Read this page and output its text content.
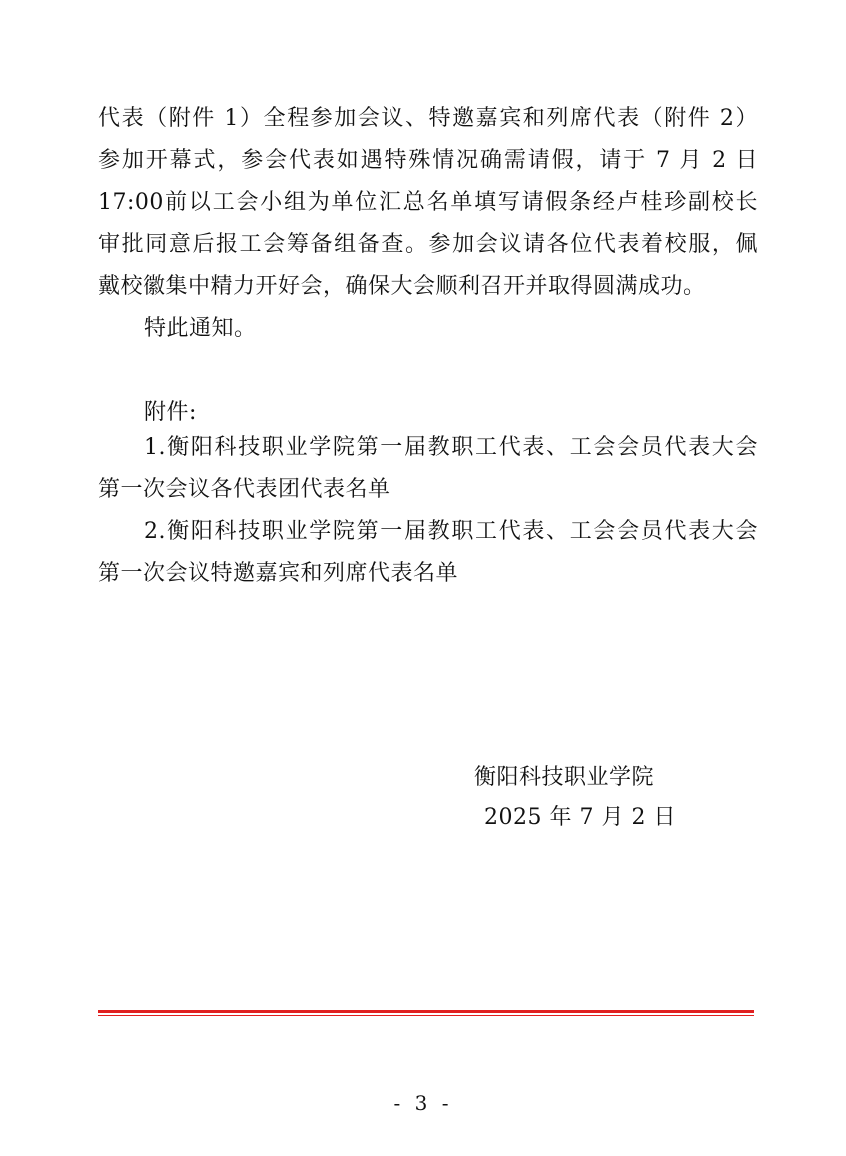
代表（附件 1）全程参加会议、特邀嘉宾和列席代表（附件 2）
参加开幕式，参会代表如遇特殊情况确需请假，请于 7 月 2 日
17:00前以工会小组为单位汇总名单填写请假条经卢桂珍副校长
审批同意后报工会筹备组备查。参加会议请各位代表着校服，佩
戴校徽集中精力开好会，确保大会顺利召开并取得圆满成功。
特此通知。
附件:
1.衡阳科技职业学院第一届教职工代表、工会会员代表大会
第一次会议各代表团代表名单
2.衡阳科技职业学院第一届教职工代表、工会会员代表大会
第一次会议特邀嘉宾和列席代表名单
衡阳科技职业学院
2025 年 7 月 2 日
- 3 -
